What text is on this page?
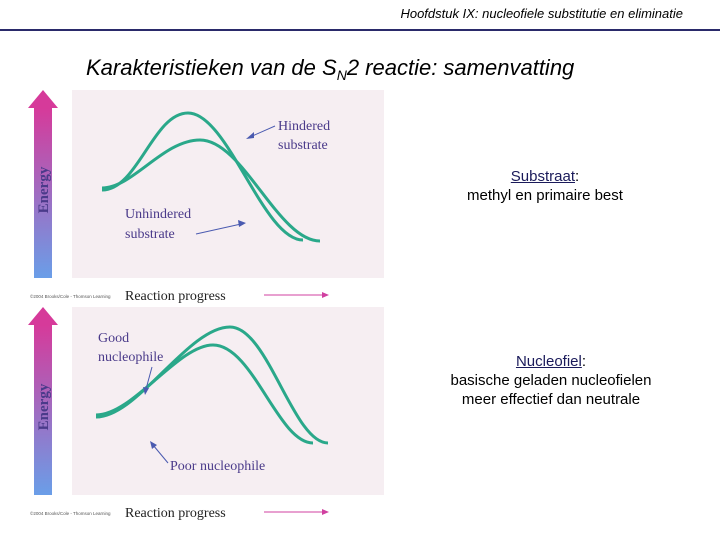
Hoofdstuk IX: nucleofiele substitutie en eliminatie
Karakteristieken van de $S_N2$ reactie: samenvatting
Energy
Hindered
substrate
Unhindered
substrate
©2004 Brooks/Cole - Thomson Learning Reaction progress
Energy
Good
nucleophile
Poor nucleophile
©2004 Brooks/Cole - Thomson Learning Reaction progress
Substraat:
methyl en primaire best
Nucleofiel:
basische geladen nucleofielen
meer effectief dan neutrale
